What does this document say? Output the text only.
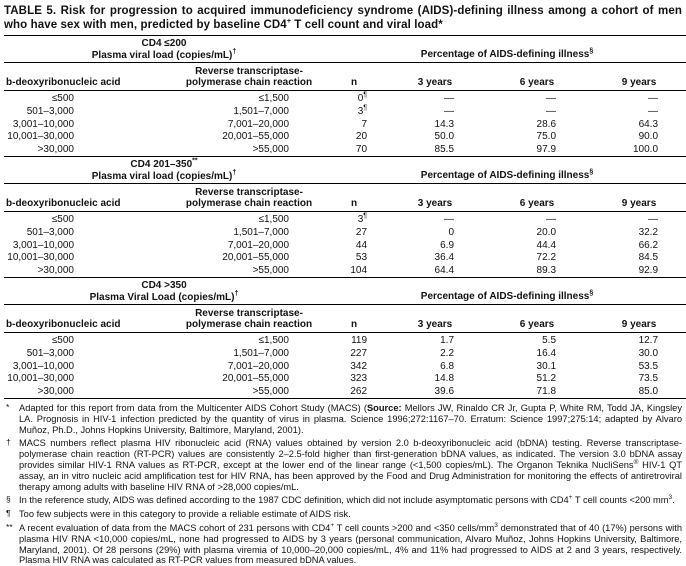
TABLE 5. Risk for progression to acquired immunodeficiency syndrome (AIDS)-defining illness among a cohort of men who have sex with men, predicted by baseline CD4+ T cell count and viral load*

CD4 ≤200
Plasma viral load (copies/mL)†		Percentage of AIDS-defining illness§
b-deoxyribonucleic acid	Reverse transcriptase-
polymerase chain reaction	n	3 years	6 years	9 years
≤500	≤1,500	0¶	—	—	—
501–3,000	1,501–7,000	3¶	—	—	—
3,001–10,000	7,001–20,000	7	14.3	28.6	64.3
10,001–30,000	20,001–55,000	20	50.0	75.0	90.0
>30,000	>55,000	70	85.5	97.9	100.0

CD4 201–350**
Plasma viral load (copies/mL)†		Percentage of AIDS-defining illness§
b-deoxyribonucleic acid	Reverse transcriptase-
polymerase chain reaction	n	3 years	6 years	9 years
≤500	≤1,500	3¶	—	—	—
501–3,000	1,501–7,000	27	0	20.0	32.2
3,001–10,000	7,001–20,000	44	6.9	44.4	66.2
10,001–30,000	20,001–55,000	53	36.4	72.2	84.5
>30,000	>55,000	104	64.4	89.3	92.9

CD4 >350
Plasma Viral Load (copies/mL)†		Percentage of AIDS-defining illness§
b-deoxyribonucleic acid	Reverse transcriptase-
polymerase chain reaction	n	3 years	6 years	9 years
≤500	≤1,500	119	1.7	5.5	12.7
501–3,000	1,501–7,000	227	2.2	16.4	30.0
3,001–10,000	7,001–20,000	342	6.8	30.1	53.5
10,001–30,000	20,001–55,000	323	14.8	51.2	73.5
>30,000	>55,000	262	39.6	71.8	85.0
* Adapted for this report from data from the Multicenter AIDS Cohort Study (MACS) (Source: Mellors JW, Rinaldo CR Jr, Gupta P, White RM, Todd JA, Kingsley LA. Prognosis in HIV-1 infection predicted by the quantity of virus in plasma. Science 1996;272:1167–70. Erratum: Science 1997;275:14; adapted by Alvaro Muñoz, Ph.D., Johns Hopkins University, Baltimore, Maryland, 2001).
† MACS numbers reflect plasma HIV ribonucleic acid (RNA) values obtained by version 2.0 b-deoxyribonucleic acid (bDNA) testing. Reverse transcriptase-polymerase chain reaction (RT-PCR) values are consistently 2–2.5-fold higher than first-generation bDNA values, as indicated. The version 3.0 bDNA assay provides similar HIV-1 RNA values as RT-PCR, except at the lower end of the linear range (<1,500 copies/mL). The Organon Teknika NucliSens® HIV-1 QT assay, an in vitro nucleic acid amplification test for HIV RNA, has been approved by the Food and Drug Administration for monitoring the effects of antiretroviral therapy among adults with baseline HIV RNA of >28,000 copies/mL.
§ In the reference study, AIDS was defined according to the 1987 CDC definition, which did not include asymptomatic persons with CD4+ T cell counts <200 $mm^3$.
¶ Too few subjects were in this category to provide a reliable estimate of AIDS risk.
** A recent evaluation of data from the MACS cohort of 231 persons with CD4+ T cell counts >200 and <350 cells/$mm^3$ demonstrated that of 40 (17%) persons with plasma HIV RNA <10,000 copies/mL, none had progressed to AIDS by 3 years (personal communication, Alvaro Muñoz, Johns Hopkins University, Baltimore, Maryland, 2001). Of 28 persons (29%) with plasma viremia of 10,000–20,000 copies/mL, 4% and 11% had progressed to AIDS at 2 and 3 years, respectively. Plasma HIV RNA was calculated as RT-PCR values from measured bDNA values.
